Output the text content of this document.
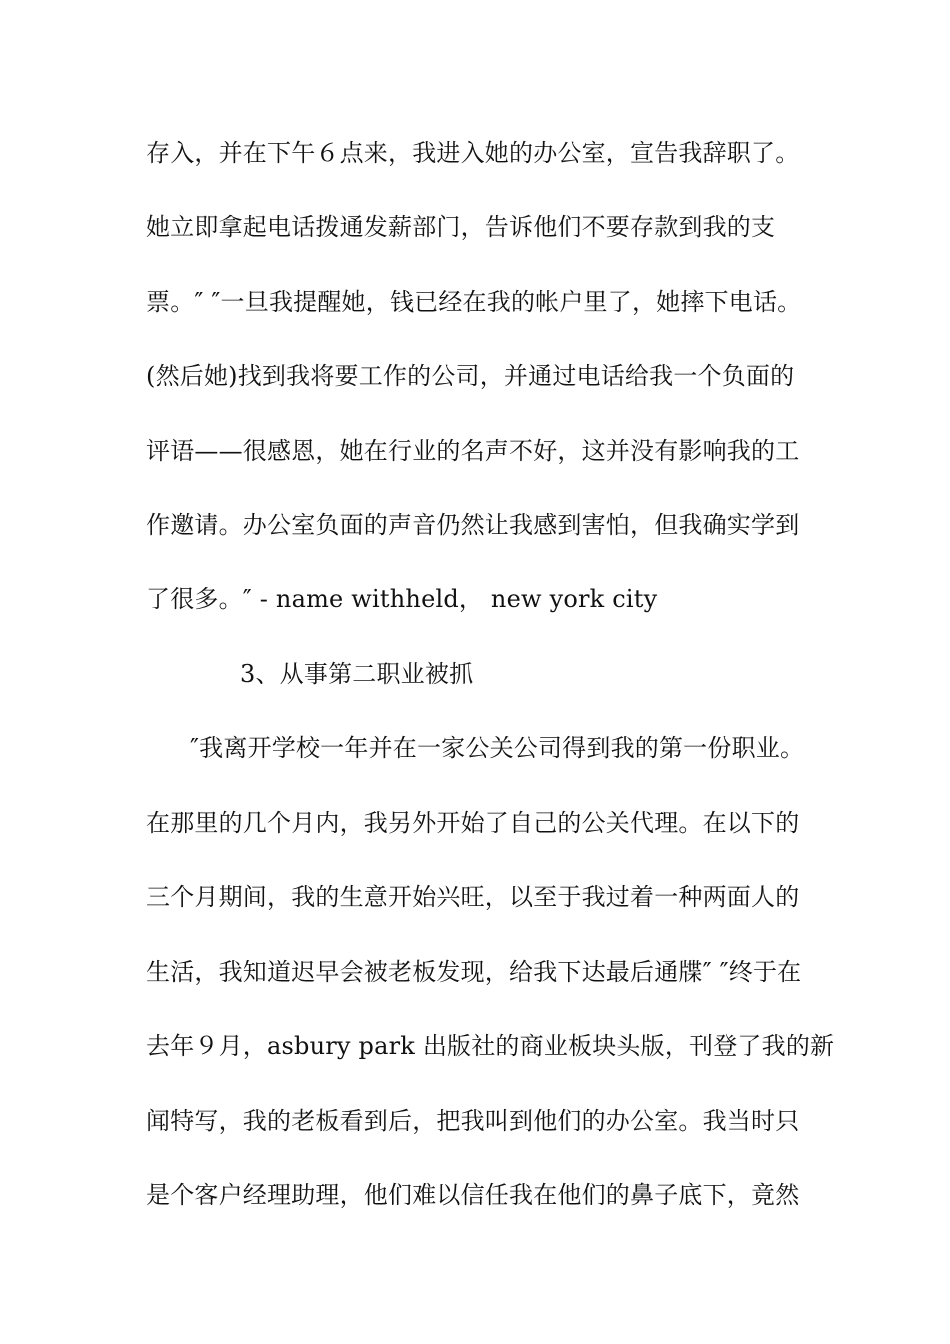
存入，并在下午６点来，我进入她的办公室，宣告我辞职了。
她立即拿起电话拨通发薪部门，告诉他们不要存款到我的支
票。″ ″一旦我提醒她，钱已经在我的帐户里了，她摔下电话。
(然后她)找到我将要工作的公司，并通过电话给我一个负面的
评语——很感恩，她在行业的名声不好，这并没有影响我的工
作邀请。办公室负面的声音仍然让我感到害怕，但我确实学到
了很多。″ - name withheld， new york city
3、从事第二职业被抓
″我离开学校一年并在一家公关公司得到我的第一份职业。
在那里的几个月内，我另外开始了自己的公关代理。在以下的
三个月期间，我的生意开始兴旺，以至于我过着一种两面人的
生活，我知道迟早会被老板发现，给我下达最后通牒″ ″终于在
去年９月，asbury park 出版社的商业板块头版，刊登了我的新
闻特写，我的老板看到后，把我叫到他们的办公室。我当时只
是个客户经理助理，他们难以信任我在他们的鼻子底下，竟然
